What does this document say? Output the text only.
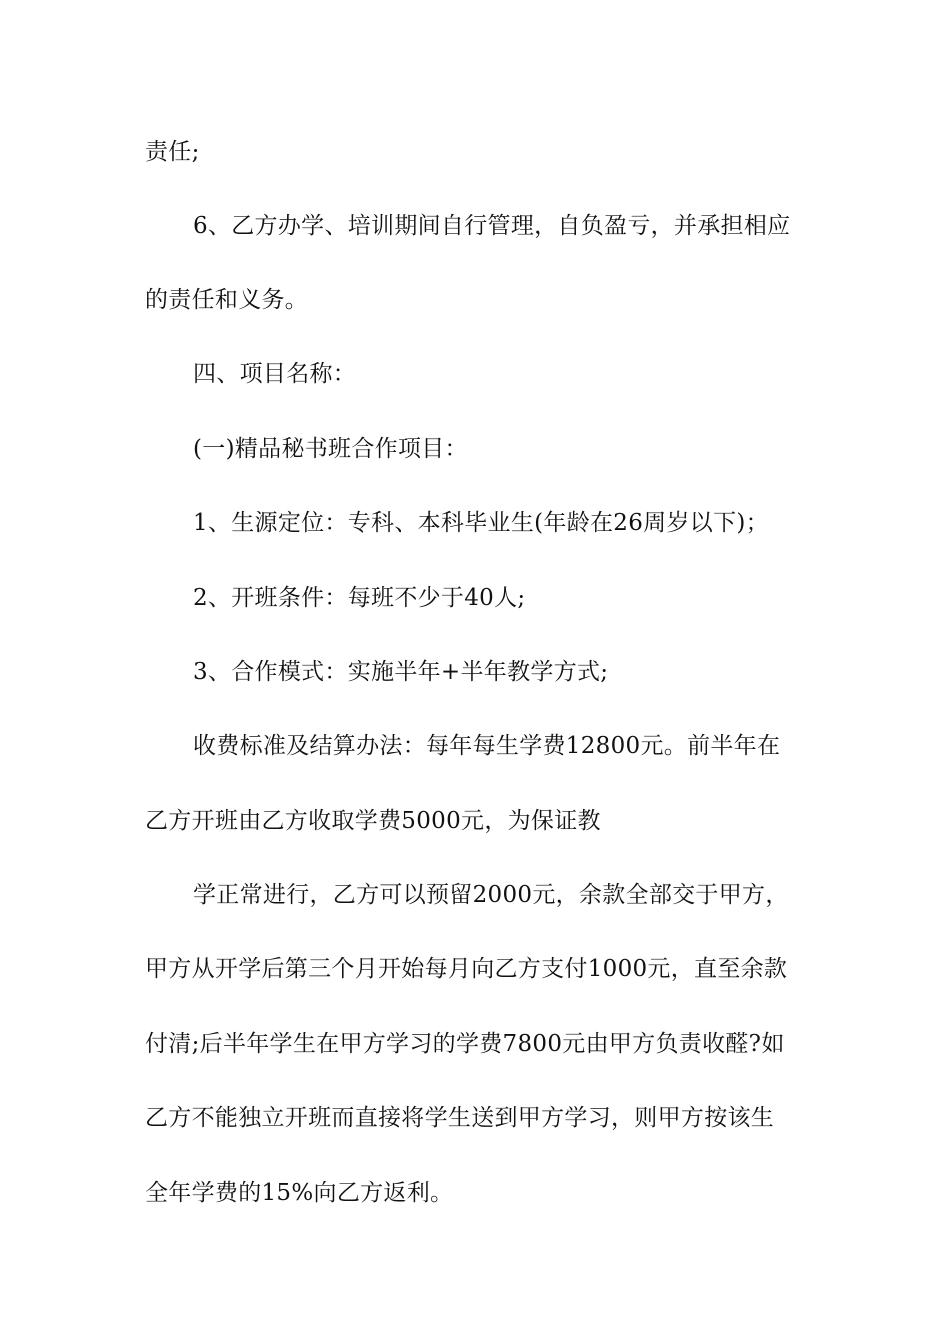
责任;
6、乙方办学、培训期间自行管理，自负盈亏，并承担相应
的责任和义务。
四、项目名称：
(一)精品秘书班合作项目：
1、生源定位：专科、本科毕业生(年龄在26周岁以下)；
2、开班条件：每班不少于40人;
3、合作模式：实施半年+半年教学方式;
收费标准及结算办法：每年每生学费12800元。前半年在
乙方开班由乙方收取学费5000元，为保证教
学正常进行，乙方可以预留2000元，余款全部交于甲方，
甲方从开学后第三个月开始每月向乙方支付1000元，直至余款
付清;后半年学生在甲方学习的学费7800元由甲方负责收醛?如
乙方不能独立开班而直接将学生送到甲方学习，则甲方按该生
全年学费的15%向乙方返利。
